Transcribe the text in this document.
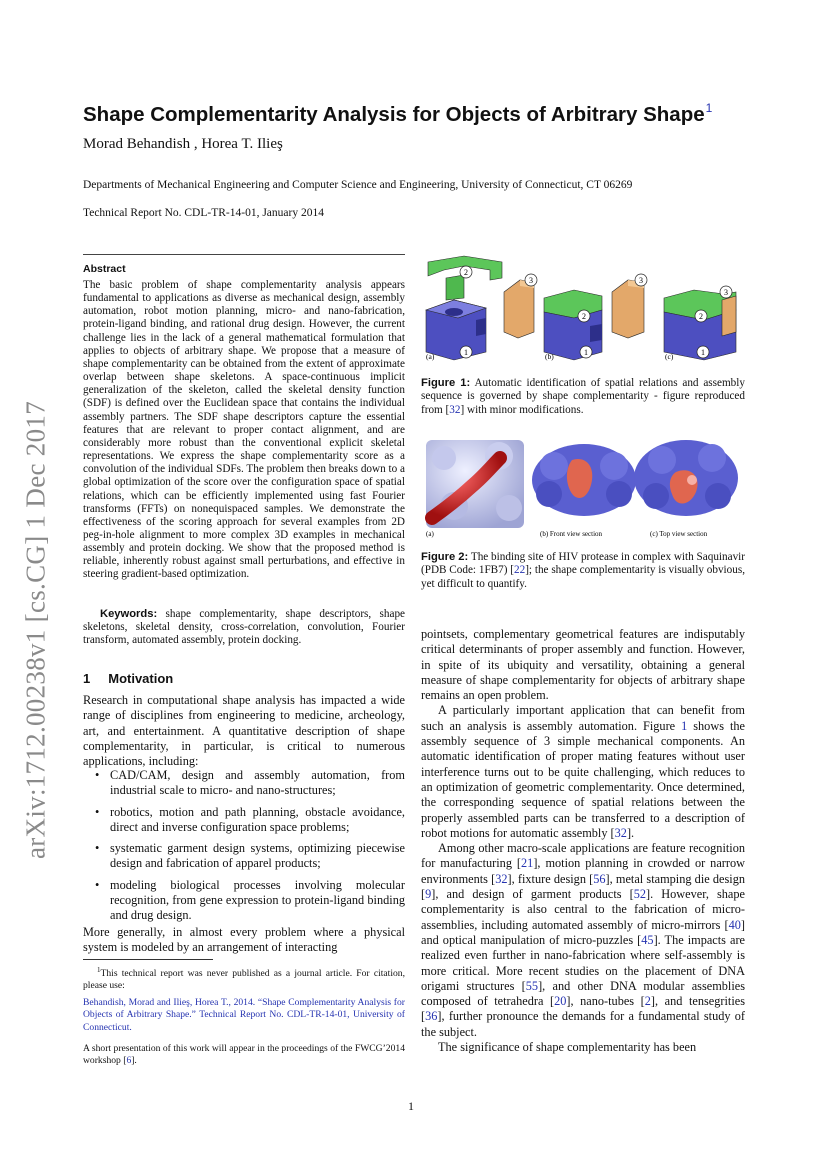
arXiv:1712.00238v1 [cs.CG] 1 Dec 2017
Shape Complementarity Analysis for Objects of Arbitrary Shape$^1$
Morad Behandish , Horea T. Ilieş
Departments of Mechanical Engineering and Computer Science and Engineering, University of Connecticut, CT 06269
Technical Report No. CDL-TR-14-01, January 2014
Abstract
The basic problem of shape complementarity analysis appears fundamental to applications as diverse as mechanical design, assembly automation, robot motion planning, micro- and nano-fabrication, protein-ligand binding, and rational drug design. However, the current challenge lies in the lack of a general mathematical formulation that applies to objects of arbitrary shape. We propose that a measure of shape complementarity can be obtained from the extent of approximate overlap between shape skeletons. A space-continuous implicit generalization of the skeleton, called the skeletal density function (SDF) is defined over the Euclidean space that contains the individual assembly partners. The SDF shape descriptors capture the essential features that are relevant to proper contact alignment, and are considerably more robust than the conventional explicit skeletal representations. We express the shape complementarity score as a convolution of the individual SDFs. The problem then breaks down to a global optimization of the score over the configuration space of spatial relations, which can be efficiently implemented using fast Fourier transforms (FFTs) on nonequispaced samples. We demonstrate the effectiveness of the scoring approach for several examples from 2D peg-in-hole alignment to more complex 3D examples in mechanical assembly and protein docking. We show that the proposed method is reliable, inherently robust against small perturbations, and effective in steering gradient-based optimization.
Keywords: shape complementarity, shape descriptors, shape skeletons, skeletal density, cross-correlation, convolution, Fourier transform, automated assembly, protein docking.
1 Motivation
Research in computational shape analysis has impacted a wide range of disciplines from engineering to medicine, archeology, art, and entertainment. A quantitative description of shape complementarity, in particular, is critical to numerous applications, including:
• CAD/CAM, design and assembly automation, from industrial scale to micro- and nano-structures;
• robotics, motion and path planning, obstacle avoidance, direct and inverse configuration space problems;
• systematic garment design systems, optimizing piecewise design and fabrication of apparel products;
• modeling biological processes involving molecular recognition, from gene expression to protein-ligand binding and drug design.
More generally, in almost every problem where a physical system is modeled by an arrangement of interacting
$^1$This technical report was never published as a journal article. For citation, please use:
Behandish, Morad and Ilieş, Horea T., 2014. “Shape Complementarity Analysis for Objects of Arbitrary Shape.” Technical Report No. CDL-TR-14-01, University of Connecticut.
A short presentation of this work will appear in the proceedings of the FWCG’2014 workshop [6].
2
1
3
2
1
3
2
1
3
(a)	(b)	(c)
Figure 1: Automatic identification of spatial relations and assembly sequence is governed by shape complementarity - figure reproduced from [32] with minor modifications.
(a)	(b) Front view section	(c) Top view section
Figure 2: The binding site of HIV protease in complex with Saquinavir (PDB Code: 1FB7) [22]; the shape complementarity is visually obvious, yet difficult to quantify.

pointsets, complementary geometrical features are indisputably critical determinants of proper assembly and function. However, in spite of its ubiquity and versatility, obtaining a general measure of shape complementarity for objects of arbitrary shape remains an open problem.

A particularly important application that can benefit from such an analysis is assembly automation. Figure 1 shows the assembly sequence of 3 simple mechanical components. An automatic identification of proper mating features without user interference turns out to be quite challenging, which reduces to an optimization of geometric complementarity. Once determined, the corresponding sequence of spatial relations between the properly assembled parts can be transferred to a description of robot motions for automatic assembly [32].

Among other macro-scale applications are feature recognition for manufacturing [21], motion planning in crowded or narrow environments [32], fixture design [56], metal stamping die design [9], and design of garment products [52]. However, shape complementarity is also central to the fabrication of micro-assemblies, including automated assembly of micro-mirrors [40] and optical manipulation of micro-puzzles [45]. The impacts are realized even further in nano-fabrication where self-assembly is more critical. More recent studies on the placement of DNA origami structures [55], and other DNA modular assemblies composed of tetrahedra [20], nano-tubes [2], and tensegrities [36], further pronounce the demands for a fundamental study of the subject.

The significance of shape complementarity has been

1
